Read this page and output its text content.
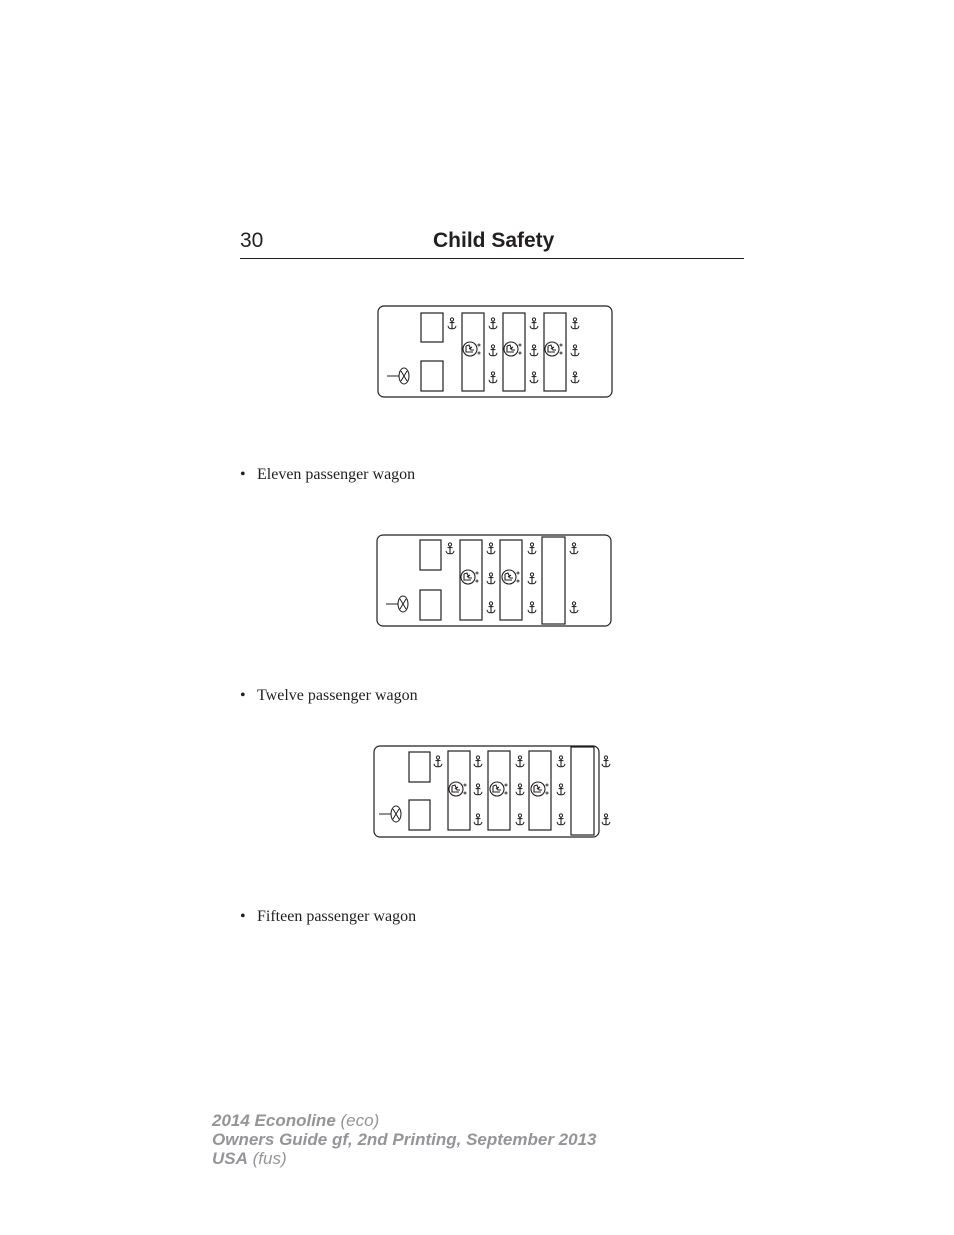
30	Child Safety
• Eleven passenger wagon
• Twelve passenger wagon
• Fifteen passenger wagon
2014 Econoline (eco)
Owners Guide gf, 2nd Printing, September 2013
USA (fus)
